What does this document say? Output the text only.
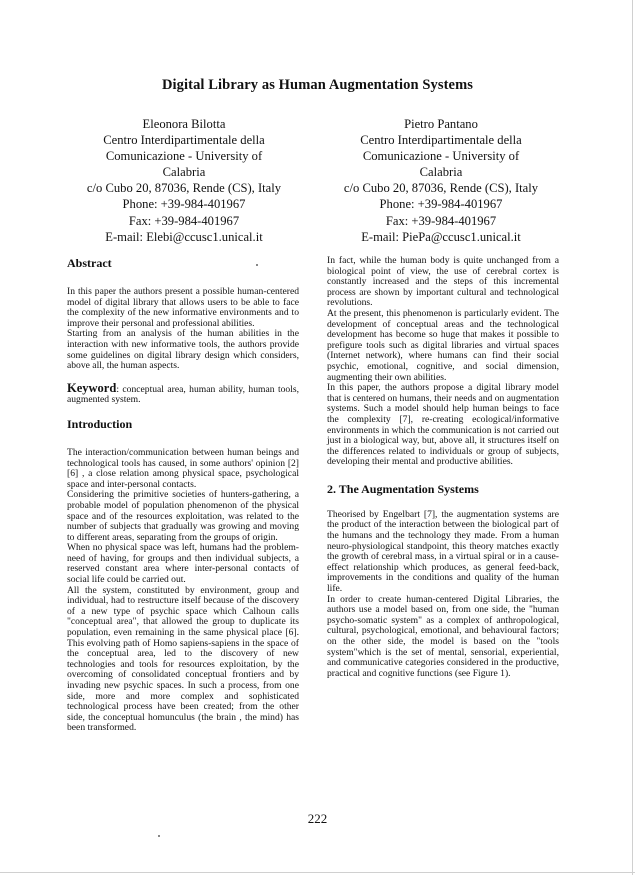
Digital Library as Human Augmentation Systems
Eleonora Bilotta
Centro Interdipartimentale della
Comunicazione - University of
Calabria
c/o Cubo 20, 87036, Rende (CS), Italy
Phone: +39-984-401967
Fax: +39-984-401967
E-mail: Elebi@ccusc1.unical.it
Pietro Pantano
Centro Interdipartimentale della
Comunicazione - University of
Calabria
c/o Cubo 20, 87036, Rende (CS), Italy
Phone: +39-984-401967
Fax: +39-984-401967
E-mail: PiePa@ccusc1.unical.it
Abstract

In this paper the authors present a possible human-centered model of digital library that allows users to be able to face the complexity of the new informative environments and to improve their personal and professional abilities.

Starting from an analysis of the human abilities in the interaction with new informative tools, the authors provide some guidelines on digital library design which considers, above all, the human aspects.

Keyword: conceptual area, human ability, human tools, augmented system.

Introduction

The interaction/communication between human beings and technological tools has caused, in some authors' opinion [2] [6] , a close relation among physical space, psychological space and inter-personal contacts.

Considering the primitive societies of hunters-gathering, a probable model of population phenomenon of the physical space and of the resources exploitation, was related to the number of subjects that gradually was growing and moving to different areas, separating from the groups of origin.

When no physical space was left, humans had the problem-need of having, for groups and then individual subjects, a reserved constant area where inter-personal contacts of social life could be carried out.

All the system, constituted by environment, group and individual, had to restructure itself because of the discovery of a new type of psychic space which Calhoun calls "conceptual area", that allowed the group to duplicate its population, even remaining in the same physical place [6]. This evolving path of Homo sapiens-sapiens in the space of the conceptual area, led to the discovery of new technologies and tools for resources exploitation, by the overcoming of consolidated conceptual frontiers and by invading new psychic spaces. In such a process, from one side, more and more complex and sophisticated technological process have been created; from the other side, the conceptual homunculus (the brain , the mind) has been transformed.

In fact, while the human body is quite unchanged from a biological point of view, the use of cerebral cortex is constantly increased and the steps of this incremental process are shown by important cultural and technological revolutions.

At the present, this phenomenon is particularly evident. The development of conceptual areas and the technological development has become so huge that makes it possible to prefigure tools such as digital libraries and virtual spaces (Internet network), where humans can find their social psychic, emotional, cognitive, and social dimension, augmenting their own abilities.

In this paper, the authors propose a digital library model that is centered on humans, their needs and on augmentation systems. Such a model should help human beings to face the complexity [7], re-creating ecological/informative environments in which the communication is not carried out just in a biological way, but, above all, it structures itself on the differences related to individuals or group of subjects, developing their mental and productive abilities.

2. The Augmentation Systems

Theorised by Engelbart [7], the augmentation systems are the product of the interaction between the biological part of the humans and the technology they made. From a human neuro-physiological standpoint, this theory matches exactly the growth of cerebral mass, in a virtual spiral or in a cause-effect relationship which produces, as general feed-back, improvements in the conditions and quality of the human life.

In order to create human-centered Digital Libraries, the authors use a model based on, from one side, the "human psycho-somatic system" as a complex of anthropological, cultural, psychological, emotional, and behavioural factors; on the other side, the model is based on the "tools system"which is the set of mental, sensorial, experiential, and communicative categories considered in the productive, practical and cognitive functions (see Figure 1).

222
